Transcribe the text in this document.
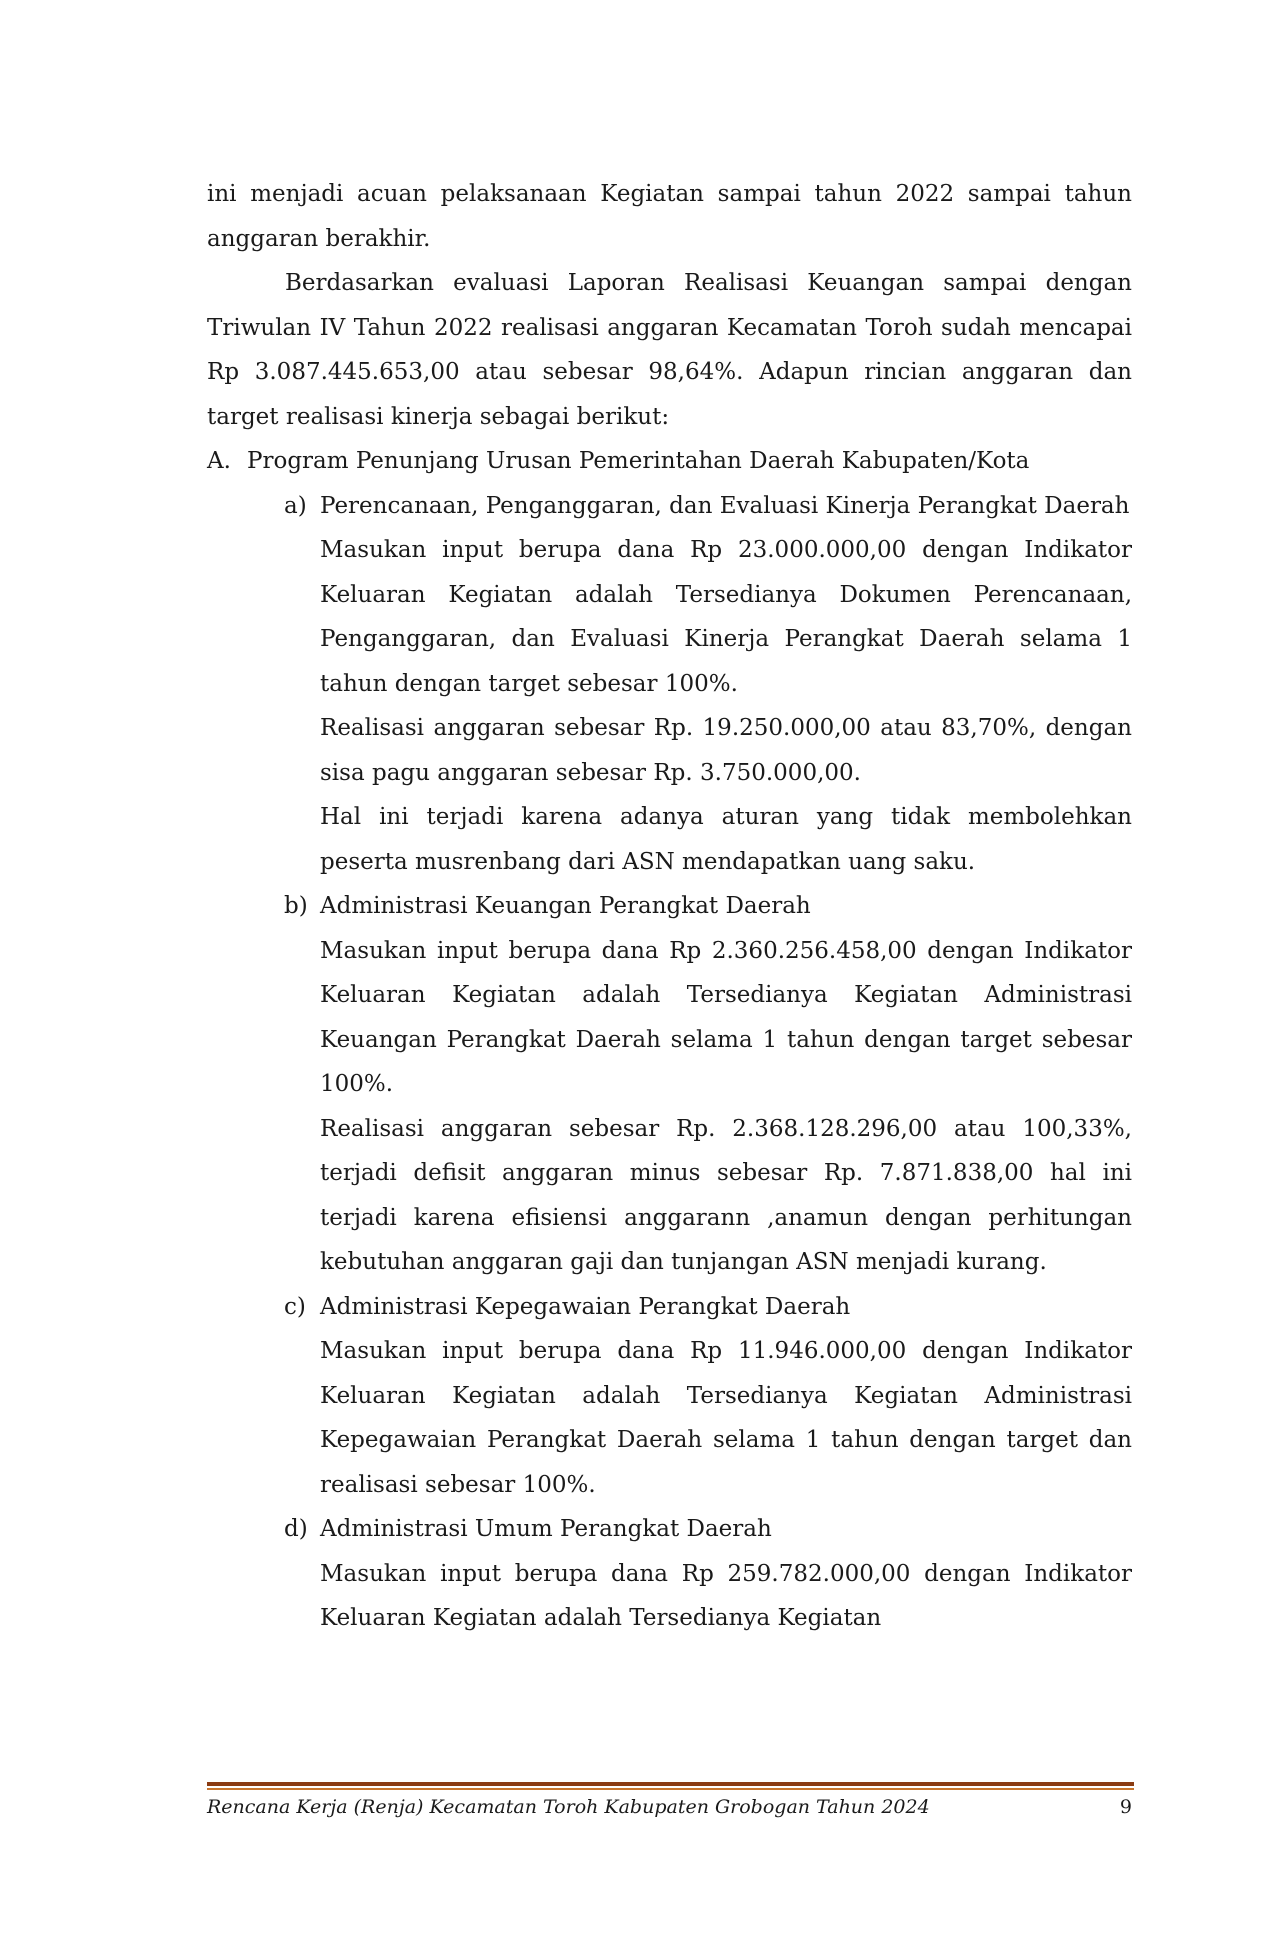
ini menjadi acuan pelaksanaan Kegiatan sampai tahun 2022 sampai tahun anggaran berakhir.

Berdasarkan evaluasi Laporan Realisasi Keuangan sampai dengan Triwulan IV Tahun 2022 realisasi anggaran Kecamatan Toroh sudah mencapai Rp 3.087.445.653,00 atau sebesar 98,64%. Adapun rincian anggaran dan target realisasi kinerja sebagai berikut:

A. Program Penunjang Urusan Pemerintahan Daerah Kabupaten/Kota
a) Perencanaan, Penganggaran, dan Evaluasi Kinerja Perangkat Daerah

Masukan input berupa dana Rp 23.000.000,00 dengan Indikator Keluaran Kegiatan adalah Tersedianya Dokumen Perencanaan, Penganggaran, dan Evaluasi Kinerja Perangkat Daerah selama 1 tahun dengan target sebesar 100%.

Realisasi anggaran sebesar Rp. 19.250.000,00 atau 83,70%, dengan sisa pagu anggaran sebesar Rp. 3.750.000,00.

Hal ini terjadi karena adanya aturan yang tidak membolehkan peserta musrenbang dari ASN mendapatkan uang saku.

b) Administrasi Keuangan Perangkat Daerah

Masukan input berupa dana Rp 2.360.256.458,00 dengan Indikator Keluaran Kegiatan adalah Tersedianya Kegiatan Administrasi Keuangan Perangkat Daerah selama 1 tahun dengan target sebesar 100%.

Realisasi anggaran sebesar Rp. 2.368.128.296,00 atau 100,33%, terjadi defisit anggaran minus sebesar Rp. 7.871.838,00 hal ini terjadi karena efisiensi anggarann ,anamun dengan perhitungan kebutuhan anggaran gaji dan tunjangan ASN menjadi kurang.

c) Administrasi Kepegawaian Perangkat Daerah

Masukan input berupa dana Rp 11.946.000,00 dengan Indikator Keluaran Kegiatan adalah Tersedianya Kegiatan Administrasi Kepegawaian Perangkat Daerah selama 1 tahun dengan target dan realisasi sebesar 100%.

d) Administrasi Umum Perangkat Daerah

Masukan input berupa dana Rp 259.782.000,00 dengan Indikator Keluaran Kegiatan adalah Tersedianya Kegiatan

Rencana Kerja (Renja) Kecamatan Toroh Kabupaten Grobogan Tahun 2024	9
